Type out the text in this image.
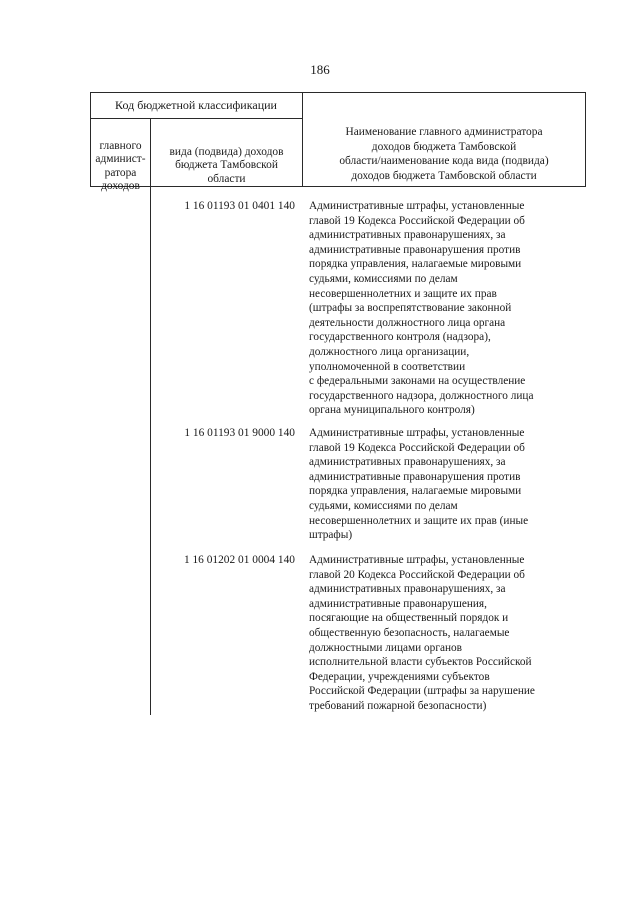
186
Код бюджетной классификации

главного
админист-
ратора
доходов

вида (подвида) доходов
бюджета Тамбовской
области

Наименование главного администратора
доходов бюджета Тамбовской
области/наименование кода вида (подвида)
доходов бюджета Тамбовской области

1 16 01193 01 0401 140 Административные штрафы, установленные
главой 19 Кодекса Российской Федерации об
административных правонарушениях, за
административные правонарушения против
порядка управления, налагаемые мировыми
судьями, комиссиями по делам
несовершеннолетних и защите их прав
(штрафы за воспрепятствование законной
деятельности должностного лица органа
государственного контроля (надзора),
должностного лица организации,
уполномоченной в соответствии
с федеральными законами на осуществление
государственного надзора, должностного лица
органа муниципального контроля)
1 16 01193 01 9000 140 Административные штрафы, установленные
главой 19 Кодекса Российской Федерации об
административных правонарушениях, за
административные правонарушения против
порядка управления, налагаемые мировыми
судьями, комиссиями по делам
несовершеннолетних и защите их прав (иные
штрафы)
1 16 01202 01 0004 140 Административные штрафы, установленные
главой 20 Кодекса Российской Федерации об
административных правонарушениях, за
административные правонарушения,
посягающие на общественный порядок и
общественную безопасность, налагаемые
должностными лицами органов
исполнительной власти субъектов Российской
Федерации, учреждениями субъектов
Российской Федерации (штрафы за нарушение
требований пожарной безопасности)
